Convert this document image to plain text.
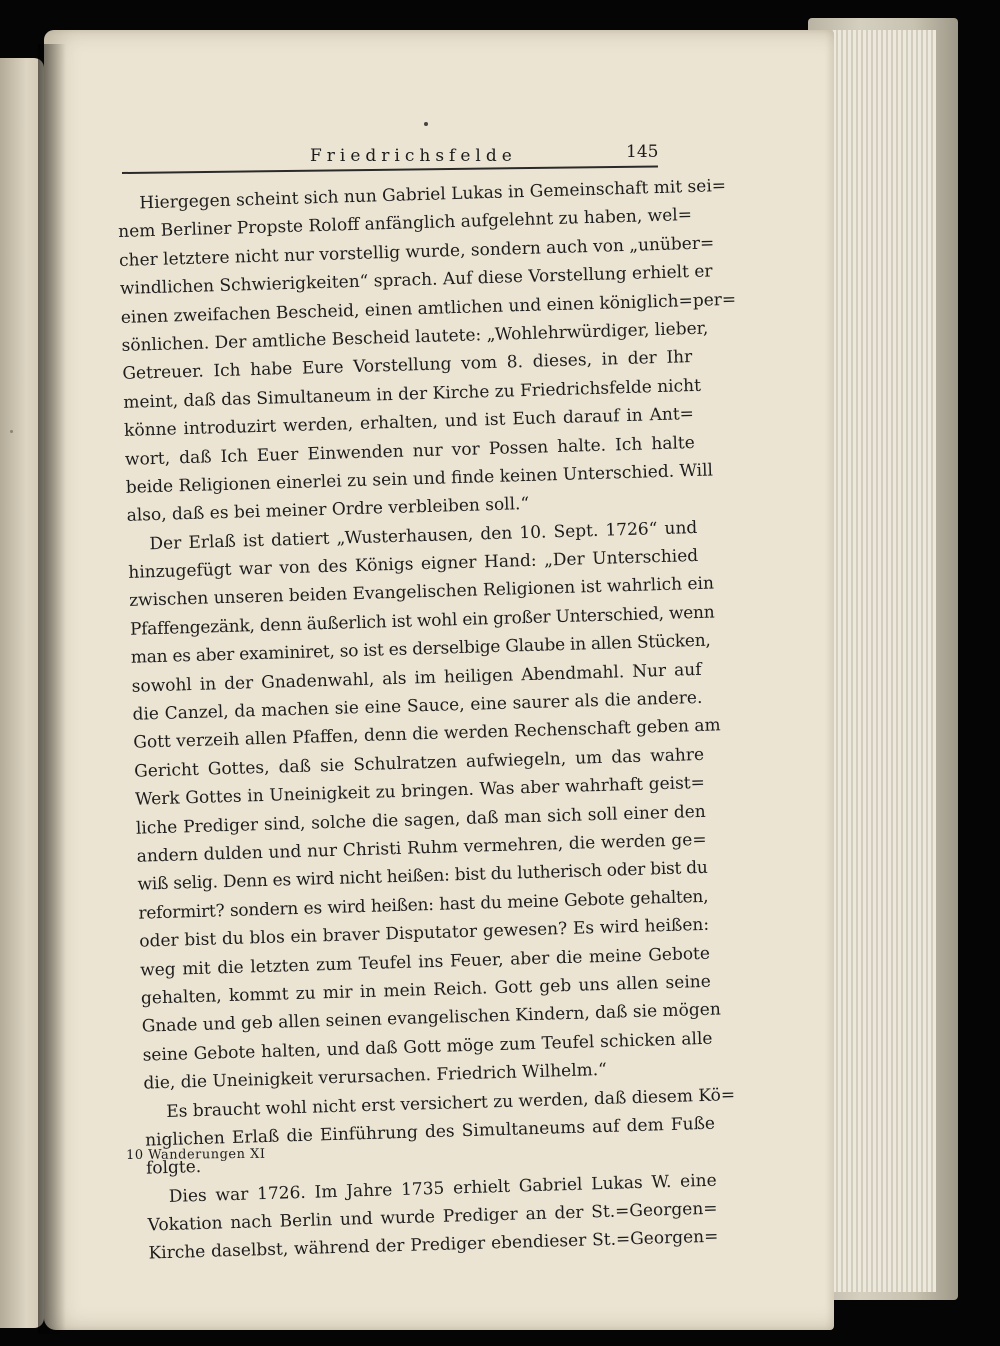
Friedrichsfelde	145
Hiergegen scheint sich nun Gabriel Lukas in Gemeinschaft mit sei=
nem Berliner Propste Roloff anfänglich aufgelehnt zu haben, wel=
cher letztere nicht nur vorstellig wurde, sondern auch von „unüber=
windlichen Schwierigkeiten“ sprach. Auf diese Vorstellung erhielt er
einen zweifachen Bescheid, einen amtlichen und einen königlich=per=
sönlichen. Der amtliche Bescheid lautete: „Wohlehrwürdiger, lieber,
Getreuer. Ich habe Eure Vorstellung vom 8. dieses, in der Ihr
meint, daß das Simultaneum in der Kirche zu Friedrichsfelde nicht
könne introduzirt werden, erhalten, und ist Euch darauf in Ant=
wort, daß Ich Euer Einwenden nur vor Possen halte. Ich halte
beide Religionen einerlei zu sein und finde keinen Unterschied. Will
also, daß es bei meiner Ordre verbleiben soll.“
Der Erlaß ist datiert „Wusterhausen, den 10. Sept. 1726“ und
hinzugefügt war von des Königs eigner Hand: „Der Unterschied
zwischen unseren beiden Evangelischen Religionen ist wahrlich ein
Pfaffengezänk, denn äußerlich ist wohl ein großer Unterschied, wenn
man es aber examiniret, so ist es derselbige Glaube in allen Stücken,
sowohl in der Gnadenwahl, als im heiligen Abendmahl. Nur auf
die Canzel, da machen sie eine Sauce, eine saurer als die andere.
Gott verzeih allen Pfaffen, denn die werden Rechenschaft geben am
Gericht Gottes, daß sie Schulratzen aufwiegeln, um das wahre
Werk Gottes in Uneinigkeit zu bringen. Was aber wahrhaft geist=
liche Prediger sind, solche die sagen, daß man sich soll einer den
andern dulden und nur Christi Ruhm vermehren, die werden ge=
wiß selig. Denn es wird nicht heißen: bist du lutherisch oder bist du
reformirt? sondern es wird heißen: hast du meine Gebote gehalten,
oder bist du blos ein braver Disputator gewesen? Es wird heißen:
weg mit die letzten zum Teufel ins Feuer, aber die meine Gebote
gehalten, kommt zu mir in mein Reich. Gott geb uns allen seine
Gnade und geb allen seinen evangelischen Kindern, daß sie mögen
seine Gebote halten, und daß Gott möge zum Teufel schicken alle
die, die Uneinigkeit verursachen. Friedrich Wilhelm.“
Es braucht wohl nicht erst versichert zu werden, daß diesem Kö=
niglichen Erlaß die Einführung des Simultaneums auf dem Fuße
folgte.
Dies war 1726. Im Jahre 1735 erhielt Gabriel Lukas W. eine
Vokation nach Berlin und wurde Prediger an der St.=Georgen=
Kirche daselbst, während der Prediger ebendieser St.=Georgen=
10 Wanderungen XI
